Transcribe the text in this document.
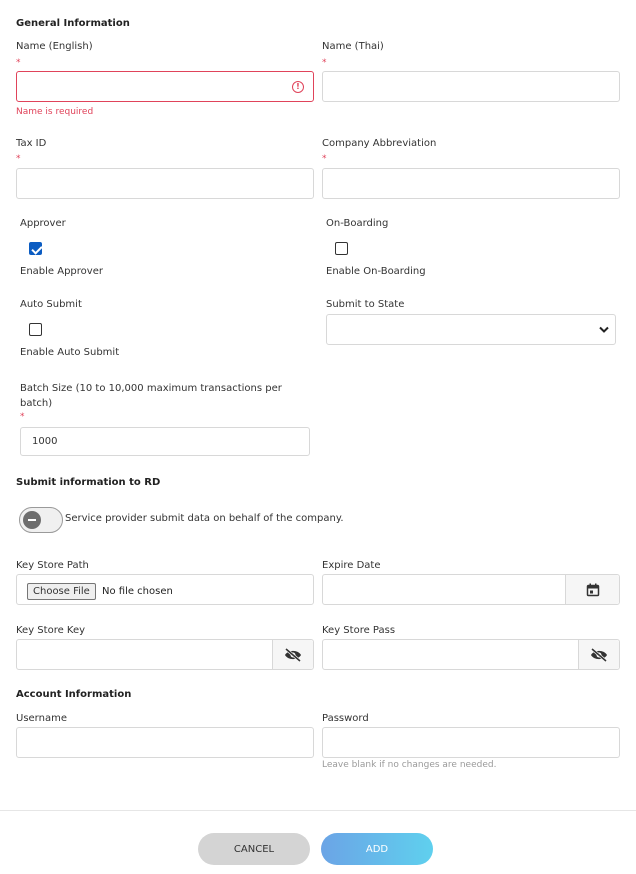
General Information
Name (English)
*
!
Name is required
Name (Thai)
*
Tax ID
*
Company Abbreviation
*
Approver
Enable Approver
On-Boarding
Enable On-Boarding
Auto Submit
Enable Auto Submit
Submit to State
Batch Size (10 to 10,000 maximum transactions per batch)
*
1000
Submit information to RD
Service provider submit data on behalf of the company.
Key Store Path
Choose File	No file chosen
Expire Date
Key Store Key	Key Store Pass
Account Information
Username	Password
Leave blank if no changes are needed.
CANCEL	ADD
